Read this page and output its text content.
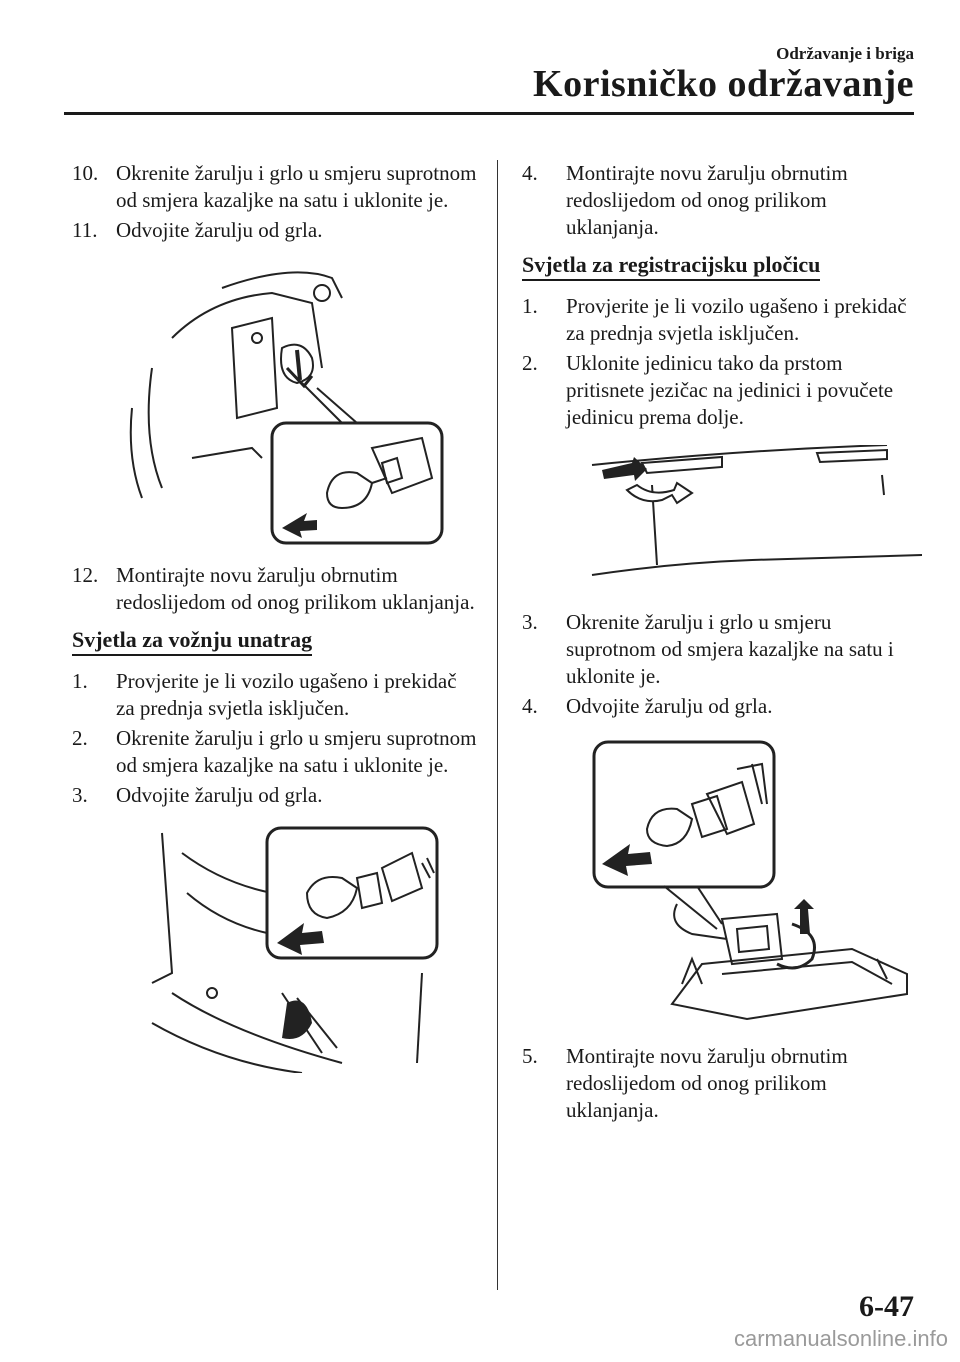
Održavanje i briga
Korisničko održavanje
10. Okrenite žarulju i grlo u smjeru suprotnom od smjera kazaljke na satu i uklonite je.
11. Odvojite žarulju od grla.
12. Montirajte novu žarulju obrnutim redoslijedom od onog prilikom uklanjanja.
Svjetla za vožnju unatrag
1. Provjerite je li vozilo ugašeno i prekidač za prednja svjetla isključen.
2. Okrenite žarulju i grlo u smjeru suprotnom od smjera kazaljke na satu i uklonite je.
3. Odvojite žarulju od grla.
4. Montirajte novu žarulju obrnutim redoslijedom od onog prilikom uklanjanja.
Svjetla za registracijsku pločicu
1. Provjerite je li vozilo ugašeno i prekidač za prednja svjetla isključen.
2. Uklonite jedinicu tako da prstom pritisnete jezičac na jedinici i povučete jedinicu prema dolje.
3. Okrenite žarulju i grlo u smjeru suprotnom od smjera kazaljke na satu i uklonite je.
4. Odvojite žarulju od grla.
5. Montirajte novu žarulju obrnutim redoslijedom od onog prilikom uklanjanja.
6-47
carmanualsonline.info
